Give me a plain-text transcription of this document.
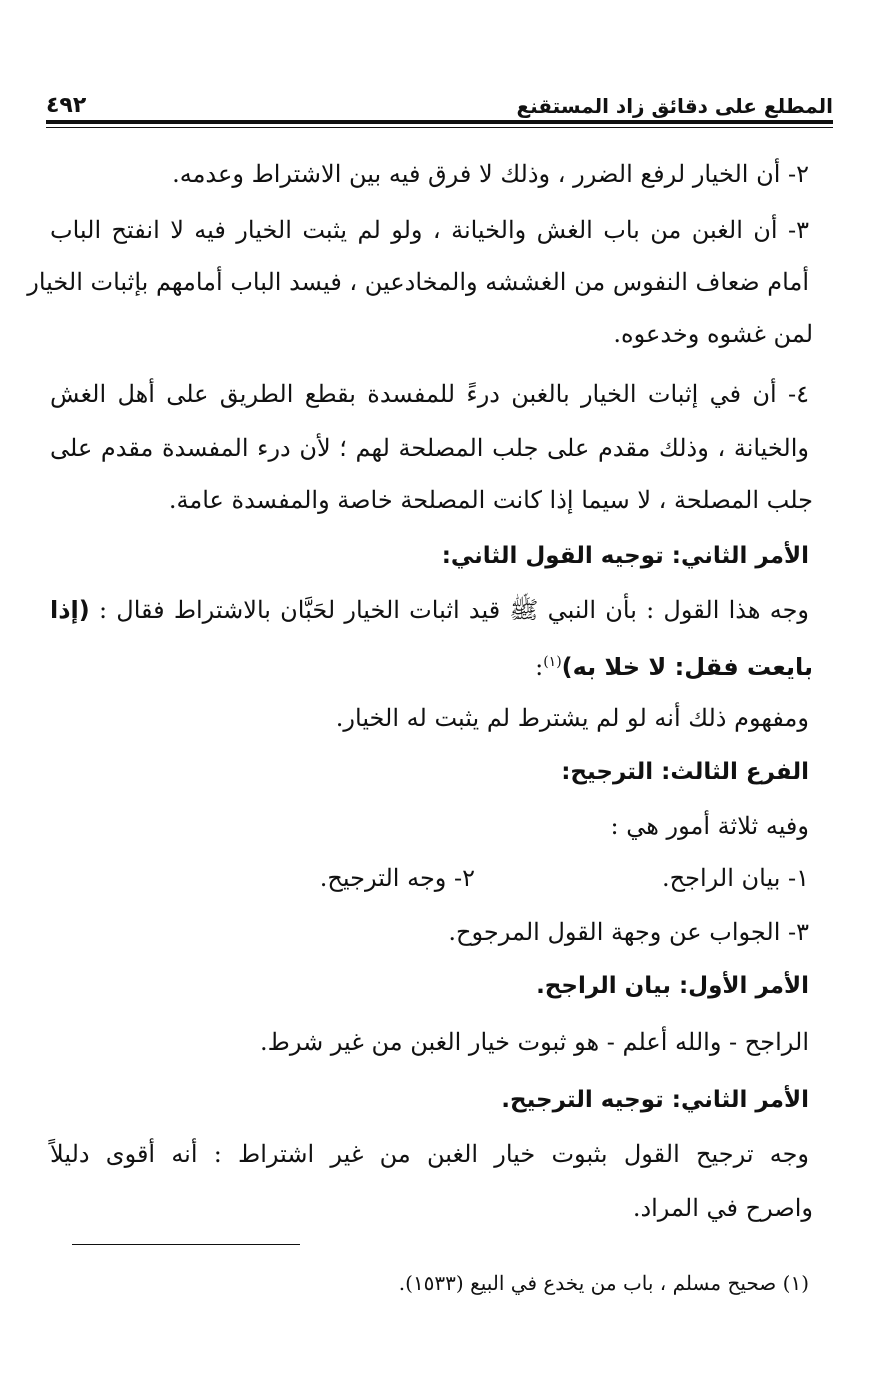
المطلع على دقائق زاد المستقنع
٤٩٢
٢- أن الخيار لرفع الضرر ، وذلك لا فرق فيه بين الاشتراط وعدمه.
٣- أن الغبن من باب الغش والخيانة ، ولو لم يثبت الخيار فيه لا انفتح الباب
أمام ضعاف النفوس من الغششه والمخادعين ، فيسد الباب أمامهم بإثبات الخيار
لمن غشوه وخدعوه.
٤- أن في إثبات الخيار بالغبن درءً للمفسدة بقطع الطريق على أهل الغش
والخيانة ، وذلك مقدم على جلب المصلحة لهم ؛ لأن درء المفسدة مقدم على
جلب المصلحة ، لا سيما إذا كانت المصلحة خاصة والمفسدة عامة.
الأمر الثاني: توجيه القول الثاني:
وجه هذا القول : بأن النبي ﷺ قيد اثبات الخيار لحَبَّان بالاشتراط فقال : (إذا
بايعت فقل: لا خلا به)$^{(١)}$:
ومفهوم ذلك أنه لو لم يشترط لم يثبت له الخيار.
الفرع الثالث: الترجيح:
وفيه ثلاثة أمور هي :
١- بيان الراجح.
٢- وجه الترجيح.
٣- الجواب عن وجهة القول المرجوح.
الأمر الأول: بيان الراجح.
الراجح - والله أعلم - هو ثبوت خيار الغبن من غير شرط.
الأمر الثاني: توجيه الترجيح.
وجه ترجيح القول بثبوت خيار الغبن من غير اشتراط : أنه أقوى دليلاً
واصرح في المراد.
(١) صحيح مسلم ، باب من يخدع في البيع (١٥٣٣).
